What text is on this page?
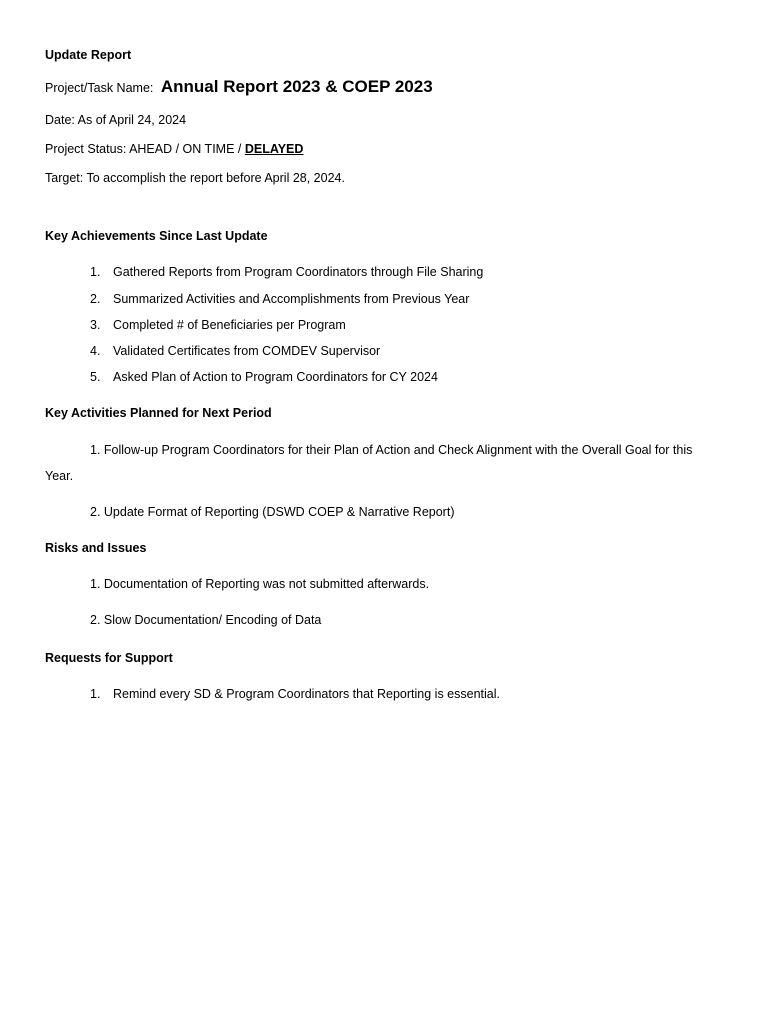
Update Report
Project/Task Name: Annual Report 2023 & COEP 2023
Date: As of April 24, 2024
Project Status: AHEAD / ON TIME / DELAYED
Target: To accomplish the report before April 28, 2024.
Key Achievements Since Last Update
1. Gathered Reports from Program Coordinators through File Sharing
2. Summarized Activities and Accomplishments from Previous Year
3. Completed # of Beneficiaries per Program
4. Validated Certificates from COMDEV Supervisor
5. Asked Plan of Action to Program Coordinators for CY 2024
Key Activities Planned for Next Period
1. Follow-up Program Coordinators for their Plan of Action and Check Alignment with the Overall Goal for this
Year.
2. Update Format of Reporting (DSWD COEP & Narrative Report)
Risks and Issues
1. Documentation of Reporting was not submitted afterwards.
2. Slow Documentation/ Encoding of Data
Requests for Support
1. Remind every SD & Program Coordinators that Reporting is essential.
